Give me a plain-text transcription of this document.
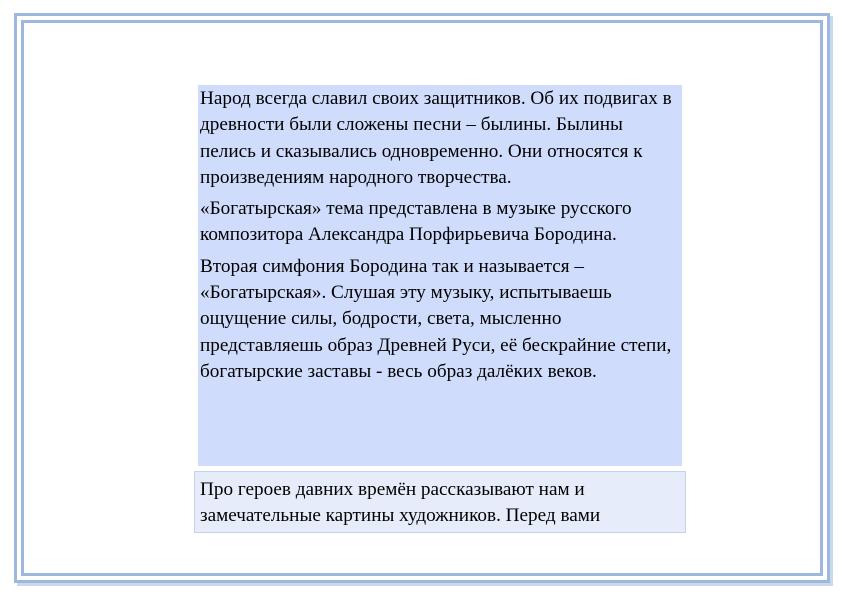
Народ всегда славил своих защитников. Об их подвигах в древности были сложены песни – былины. Былины пелись и сказывались одновременно. Они относятся к произведениям народного творчества.

«Богатырская» тема представлена в музыке русского композитора Александра Порфирьевича Бородина.

Вторая симфония Бородина так и называется – «Богатырская». Слушая эту музыку, испытываешь ощущение силы, бодрости, света, мысленно представляешь образ Древней Руси, её бескрайние степи, богатырские заставы - весь образ далёких веков.

Про героев давних времён рассказывают нам и замечательные картины художников. Перед вами
